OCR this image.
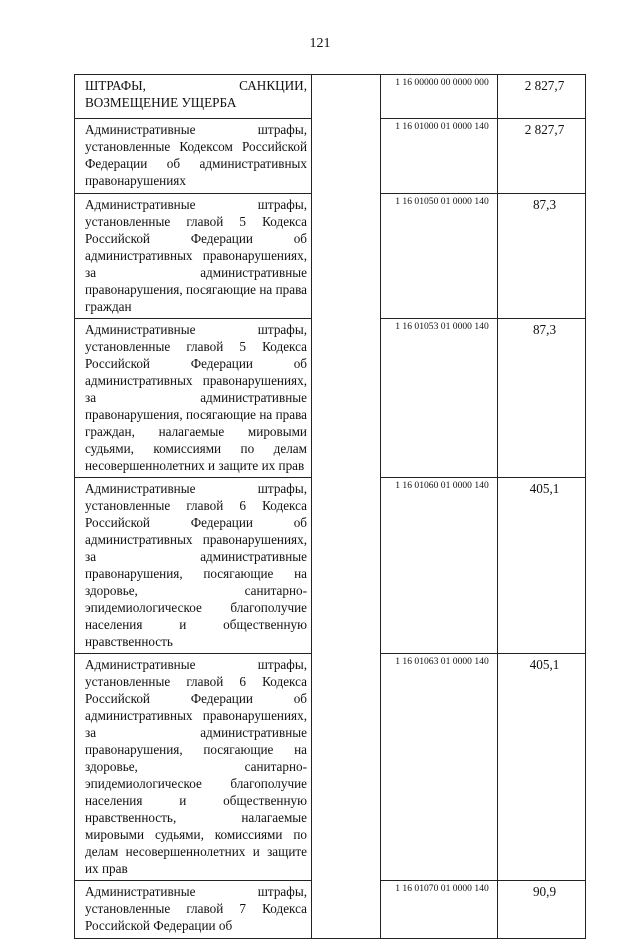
121
ШТРАФЫ, САНКЦИИ, ВОЗМЕЩЕНИЕ УЩЕРБА		1 16 00000 00 0000 000	2 827,7
Административные штрафы, установленные Кодексом Российской Федерации об административных правонарушениях		1 16 01000 01 0000 140	2 827,7
Административные штрафы, установленные главой 5 Кодекса Российской Федерации об административных правонарушениях, за административные правонарушения, посягающие на права граждан		1 16 01050 01 0000 140	87,3
Административные штрафы, установленные главой 5 Кодекса Российской Федерации об административных правонарушениях, за административные правонарушения, посягающие на права граждан, налагаемые мировыми судьями, комиссиями по делам несовершеннолетних и защите их прав		1 16 01053 01 0000 140	87,3
Административные штрафы, установленные главой 6 Кодекса Российской Федерации об административных правонарушениях, за административные правонарушения, посягающие на здоровье, санитарно-эпидемиологическое благополучие населения и общественную нравственность		1 16 01060 01 0000 140	405,1
Административные штрафы, установленные главой 6 Кодекса Российской Федерации об административных правонарушениях, за административные правонарушения, посягающие на здоровье, санитарно-эпидемиологическое благополучие населения и общественную нравственность, налагаемые мировыми судьями, комиссиями по делам несовершеннолетних и защите их прав		1 16 01063 01 0000 140	405,1

Административные штрафы, установленные главой 7 Кодекса Российской Федерации об		1 16 01070 01 0000 140	90,9
